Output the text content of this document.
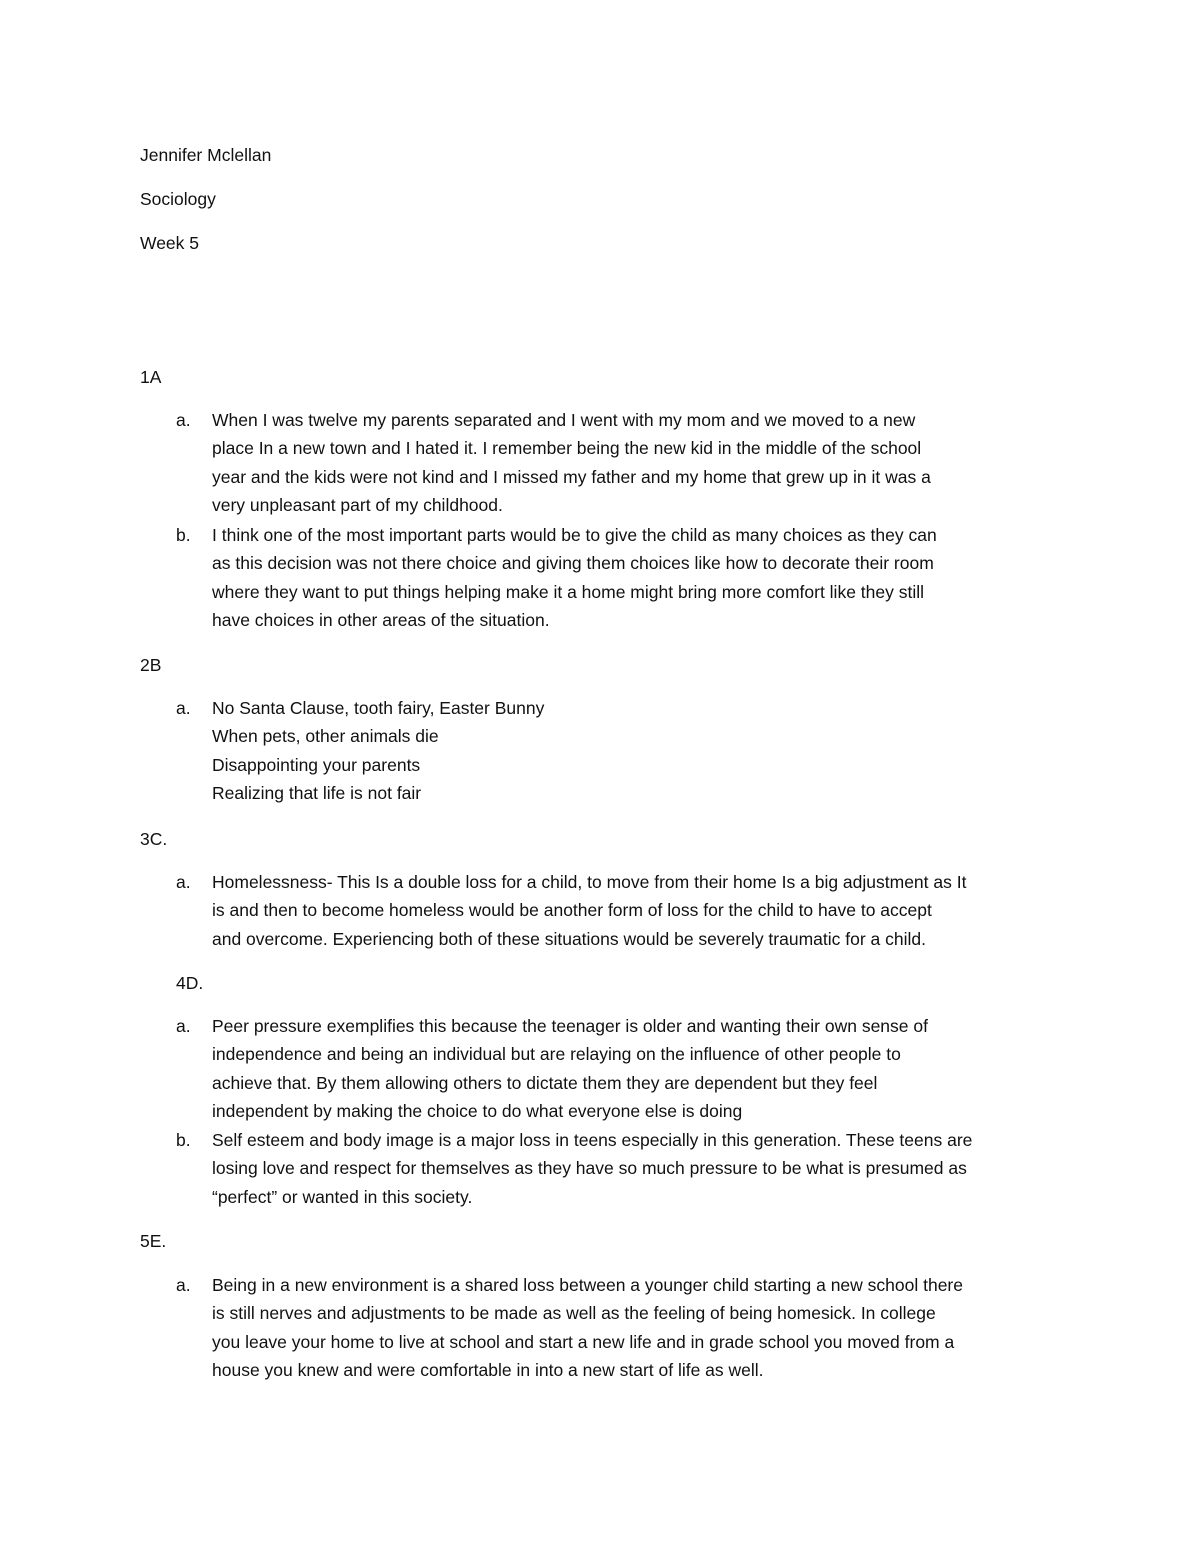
Jennifer Mclellan

Sociology

Week 5

1A

a. When I was twelve my parents separated and I went with my mom and we moved to a new
place In a new town and I hated it. I remember being the new kid in the middle of the school
year and the kids were not kind and I missed my father and my home that grew up in it was a
very unpleasant part of my childhood.
b. I think one of the most important parts would be to give the child as many choices as they can
as this decision was not there choice and giving them choices like how to decorate their room
where they want to put things helping make it a home might bring more comfort like they still
have choices in other areas of the situation.

2B

a. No Santa Clause, tooth fairy, Easter Bunny
When pets, other animals die
Disappointing your parents
Realizing that life is not fair

3C.

a. Homelessness- This Is a double loss for a child, to move from their home Is a big adjustment as It
is and then to become homeless would be another form of loss for the child to have to accept
and overcome. Experiencing both of these situations would be severely traumatic for a child.

4D.

a. Peer pressure exemplifies this because the teenager is older and wanting their own sense of
independence and being an individual but are relaying on the influence of other people to
achieve that. By them allowing others to dictate them they are dependent but they feel
independent by making the choice to do what everyone else is doing
b. Self esteem and body image is a major loss in teens especially in this generation. These teens are
losing love and respect for themselves as they have so much pressure to be what is presumed as
“perfect” or wanted in this society.

5E.

a. Being in a new environment is a shared loss between a younger child starting a new school there
is still nerves and adjustments to be made as well as the feeling of being homesick. In college
you leave your home to live at school and start a new life and in grade school you moved from a
house you knew and were comfortable in into a new start of life as well.
